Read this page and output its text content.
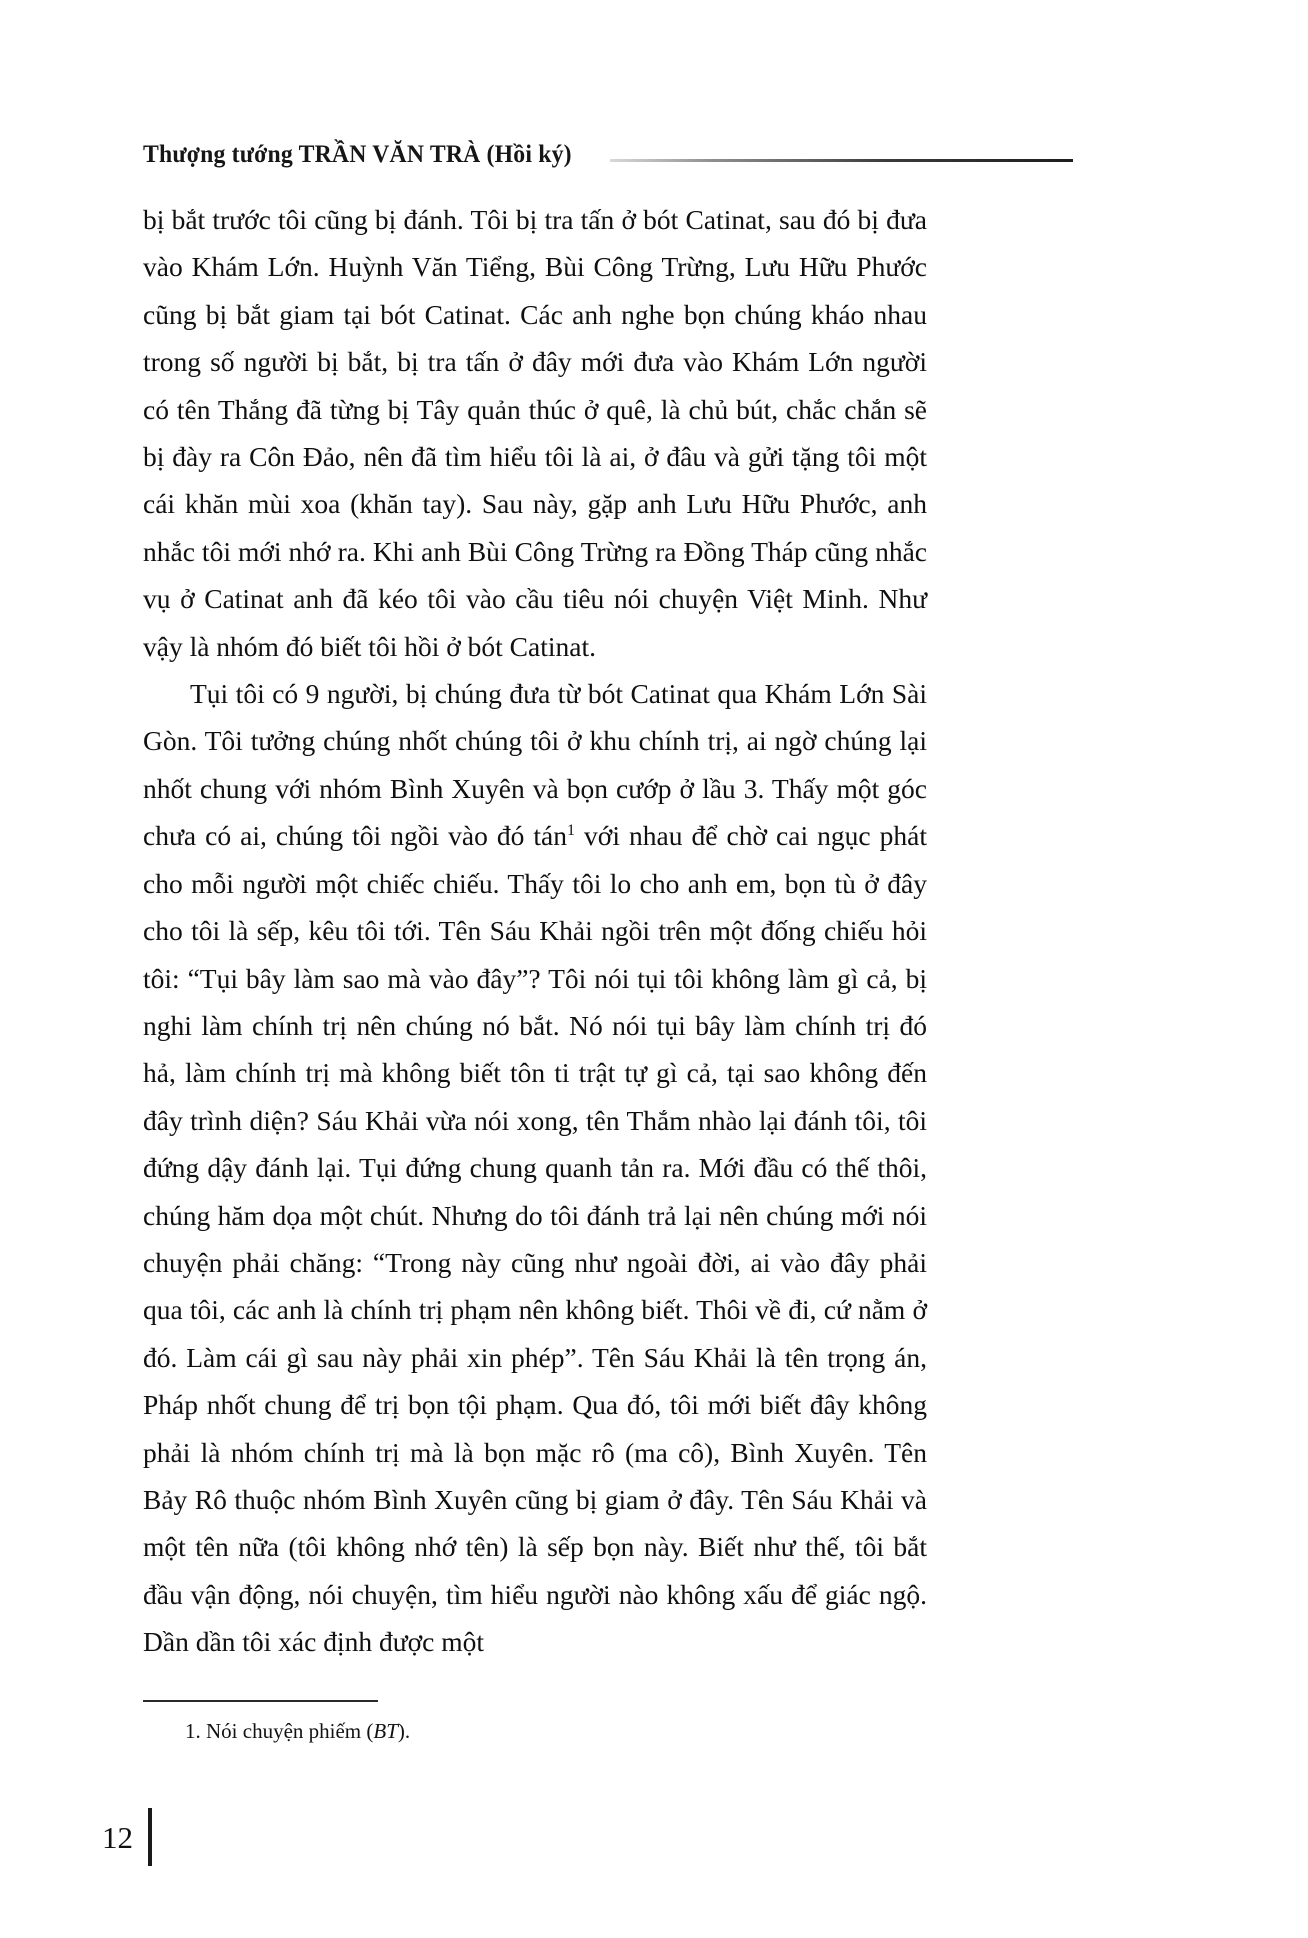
Thượng tướng TRẦN VĂN TRÀ (Hồi ký)

bị bắt trước tôi cũng bị đánh. Tôi bị tra tấn ở bót Catinat, sau đó bị đưa vào Khám Lớn. Huỳnh Văn Tiểng, Bùi Công Trừng, Lưu Hữu Phước cũng bị bắt giam tại bót Catinat. Các anh nghe bọn chúng kháo nhau trong số người bị bắt, bị tra tấn ở đây mới đưa vào Khám Lớn người có tên Thắng đã từng bị Tây quản thúc ở quê, là chủ bút, chắc chắn sẽ bị đày ra Côn Đảo, nên đã tìm hiểu tôi là ai, ở đâu và gửi tặng tôi một cái khăn mùi xoa (khăn tay). Sau này, gặp anh Lưu Hữu Phước, anh nhắc tôi mới nhớ ra. Khi anh Bùi Công Trừng ra Đồng Tháp cũng nhắc vụ ở Catinat anh đã kéo tôi vào cầu tiêu nói chuyện Việt Minh. Như vậy là nhóm đó biết tôi hồi ở bót Catinat.

Tụi tôi có 9 người, bị chúng đưa từ bót Catinat qua Khám Lớn Sài Gòn. Tôi tưởng chúng nhốt chúng tôi ở khu chính trị, ai ngờ chúng lại nhốt chung với nhóm Bình Xuyên và bọn cướp ở lầu 3. Thấy một góc chưa có ai, chúng tôi ngồi vào đó tán$^1$ với nhau để chờ cai ngục phát cho mỗi người một chiếc chiếu. Thấy tôi lo cho anh em, bọn tù ở đây cho tôi là sếp, kêu tôi tới. Tên Sáu Khải ngồi trên một đống chiếu hỏi tôi: “Tụi bây làm sao mà vào đây”? Tôi nói tụi tôi không làm gì cả, bị nghi làm chính trị nên chúng nó bắt. Nó nói tụi bây làm chính trị đó hả, làm chính trị mà không biết tôn ti trật tự gì cả, tại sao không đến đây trình diện? Sáu Khải vừa nói xong, tên Thắm nhào lại đánh tôi, tôi đứng dậy đánh lại. Tụi đứng chung quanh tản ra. Mới đầu có thế thôi, chúng hăm dọa một chút. Nhưng do tôi đánh trả lại nên chúng mới nói chuyện phải chăng: “Trong này cũng như ngoài đời, ai vào đây phải qua tôi, các anh là chính trị phạm nên không biết. Thôi về đi, cứ nằm ở đó. Làm cái gì sau này phải xin phép”. Tên Sáu Khải là tên trọng án, Pháp nhốt chung để trị bọn tội phạm. Qua đó, tôi mới biết đây không phải là nhóm chính trị mà là bọn mặc rô (ma cô), Bình Xuyên. Tên Bảy Rô thuộc nhóm Bình Xuyên cũng bị giam ở đây. Tên Sáu Khải và một tên nữa (tôi không nhớ tên) là sếp bọn này. Biết như thế, tôi bắt đầu vận động, nói chuyện, tìm hiểu người nào không xấu để giác ngộ. Dần dần tôi xác định được một

1. Nói chuyện phiếm (BT).

12
